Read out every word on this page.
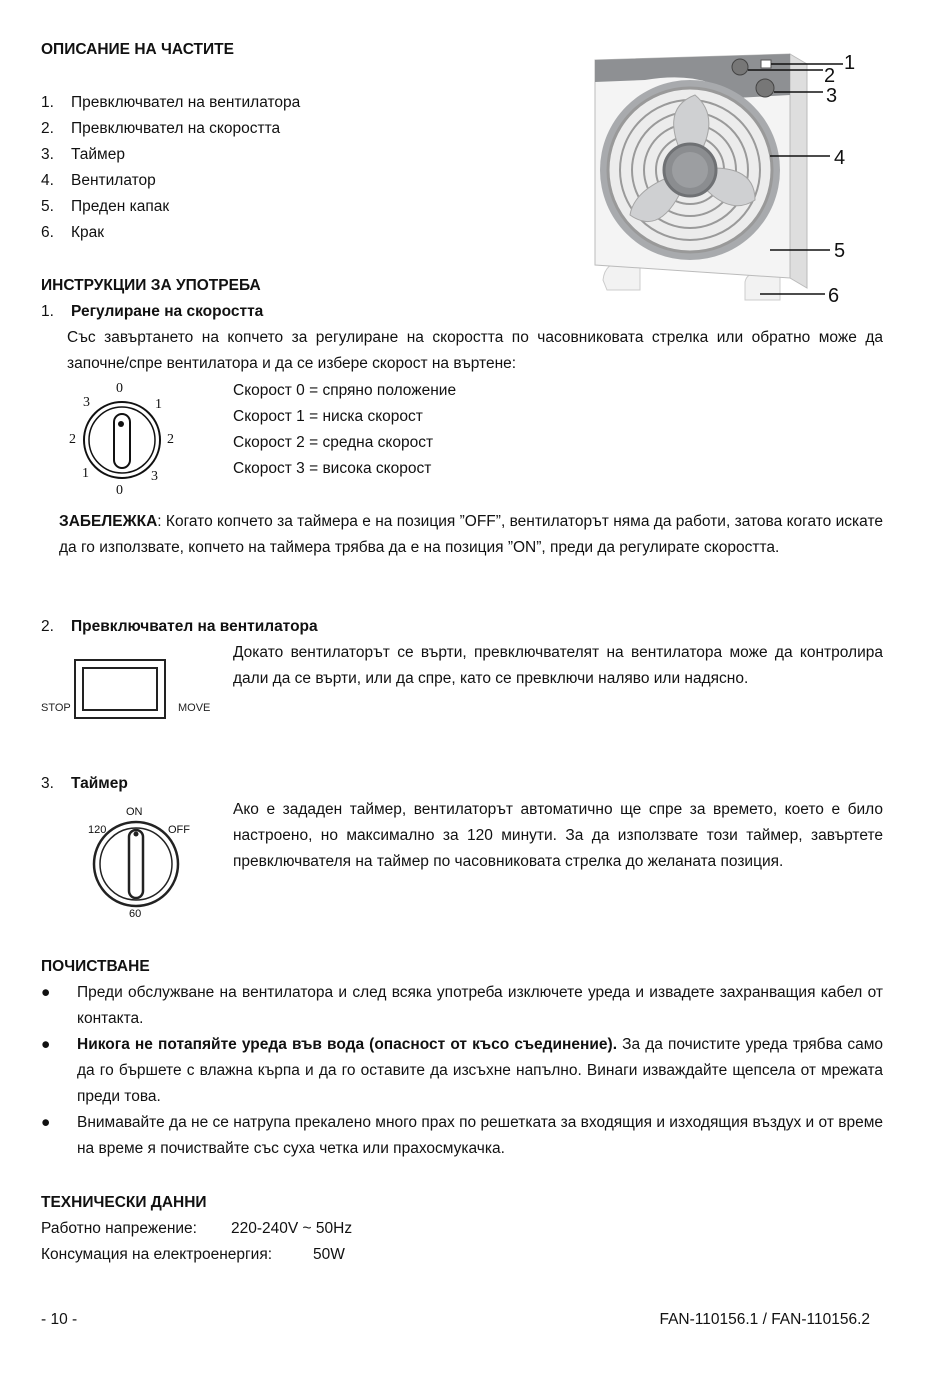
ОПИСАНИЕ НА ЧАСТИТЕ
1. Превключвател на вентилатора
2. Превключвател на скоростта
3. Таймер
4. Вентилатор
5. Преден капак
6. Крак
1
2
3
4
5
6
ИНСТРУКЦИИ ЗА УПОТРЕБА
1. Регулиране на скоростта
Със завъртането на копчето за регулиране на скоростта по часовниковата стрелка или обратно може да започне/спре вентилатора и да се избере скорост на въртене:
0
3	1
2	2
1	3
0
Скорост 0 = спряно положение
Скорост 1 = ниска скорост
Скорост 2 = средна скорост
Скорост 3 = висока скорост
ЗАБЕЛЕЖКА: Когато копчето за таймера е на позиция ”OFF”, вентилаторът няма да работи, затова когато искате да го използвате, копчето на таймера трябва да е на позиция ”ON”, преди да регулирате скоростта.
2. Превключвател на вентилатора
STOP	MOVE
Докато вентилаторът се върти, превключвателят на вентилатора може да контролира дали да се върти, или да спре, като се превключи наляво или надясно.
3. Таймер
ON
120	OFF
60
Ако е зададен таймер, вентилаторът автоматично ще спре за времето, което е било настроено, но максимално за 120 минути. За да използвате този таймер, завъртете превключвателя на таймер по часовниковата стрелка до желаната позиция.
ПОЧИСТВАНЕ
● Преди обслужване на вентилатора и след всяка употреба изключете уреда и извадете захранващия кабел от контакта.
● Никога не потапяйте уреда във вода (опасност от късо съединение). За да почистите уреда трябва само да го бършете с влажна кърпа и да го оставите да изсъхне напълно. Винаги изваждайте щепсела от мрежата преди това.
● Внимавайте да не се натрупа прекалено много прах по решетката за входящия и изходящия въздух и от време на време я почиствайте със суха четка или прахосмукачка.
ТЕХНИЧЕСКИ ДАННИ
Работно напрежение: 220-240V ~ 50Hz
Консумация на електроенергия:	50W
- 10 -	FAN-110156.1 / FAN-110156.2
